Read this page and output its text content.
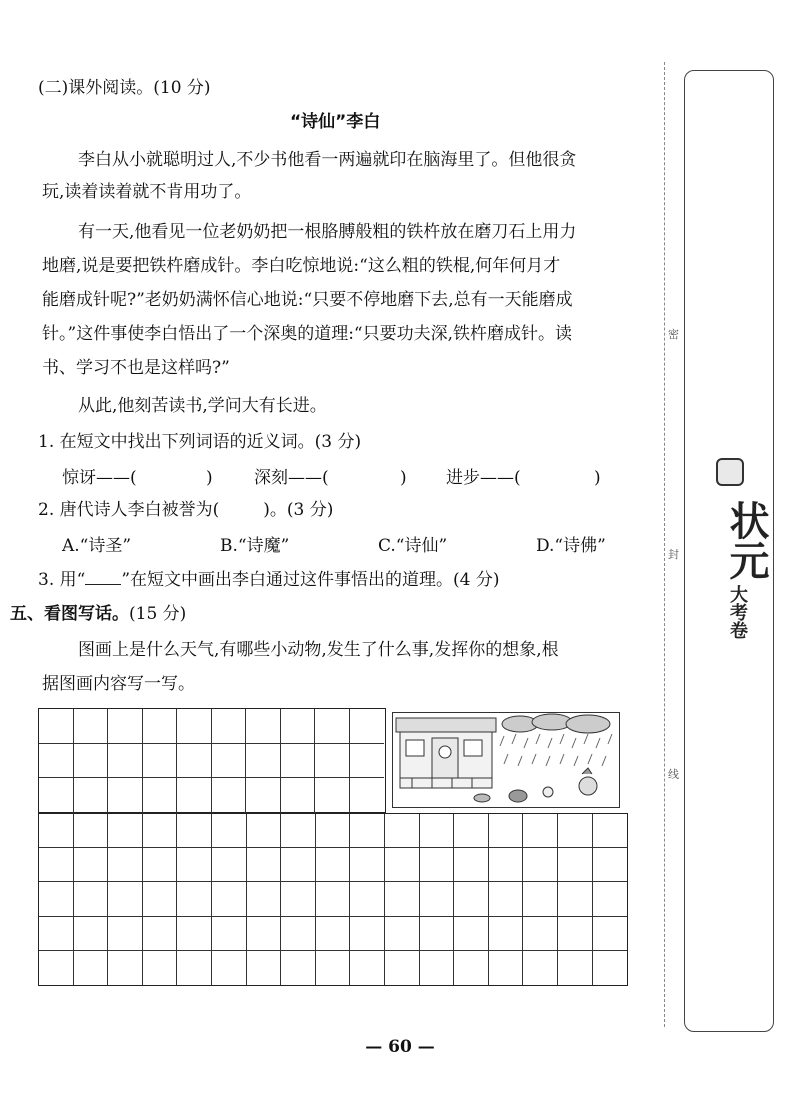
(二)课外阅读。(10 分)
“诗仙”李白
李白从小就聪明过人,不少书他看一两遍就印在脑海里了。但他很贪
玩,读着读着就不肯用功了。
有一天,他看见一位老奶奶把一根胳膊般粗的铁杵放在磨刀石上用力
地磨,说是要把铁杵磨成针。李白吃惊地说:“这么粗的铁棍,何年何月才
能磨成针呢?”老奶奶满怀信心地说:“只要不停地磨下去,总有一天能磨成
针。”这件事使李白悟出了一个深奥的道理:“只要功夫深,铁杵磨成针。读
书、学习不也是这样吗?”
从此,他刻苦读书,学问大有长进。
1. 在短文中找出下列词语的近义词。(3 分)
惊讶——(	) 深刻——(	) 进步——(	)
2. 唐代诗人李白被誉为(	)。(3 分)
A.“诗圣”	B.“诗魔”	C.“诗仙”	D.“诗佛”
3. 用“ ”在短文中画出李白通过这件事悟出的道理。(4 分)
五、看图写话。(15 分)
图画上是什么天气,有哪些小动物,发生了什么事,发挥你的想象,根
据图画内容写一写。
密
封
线
状元
大考卷
— 60 —
